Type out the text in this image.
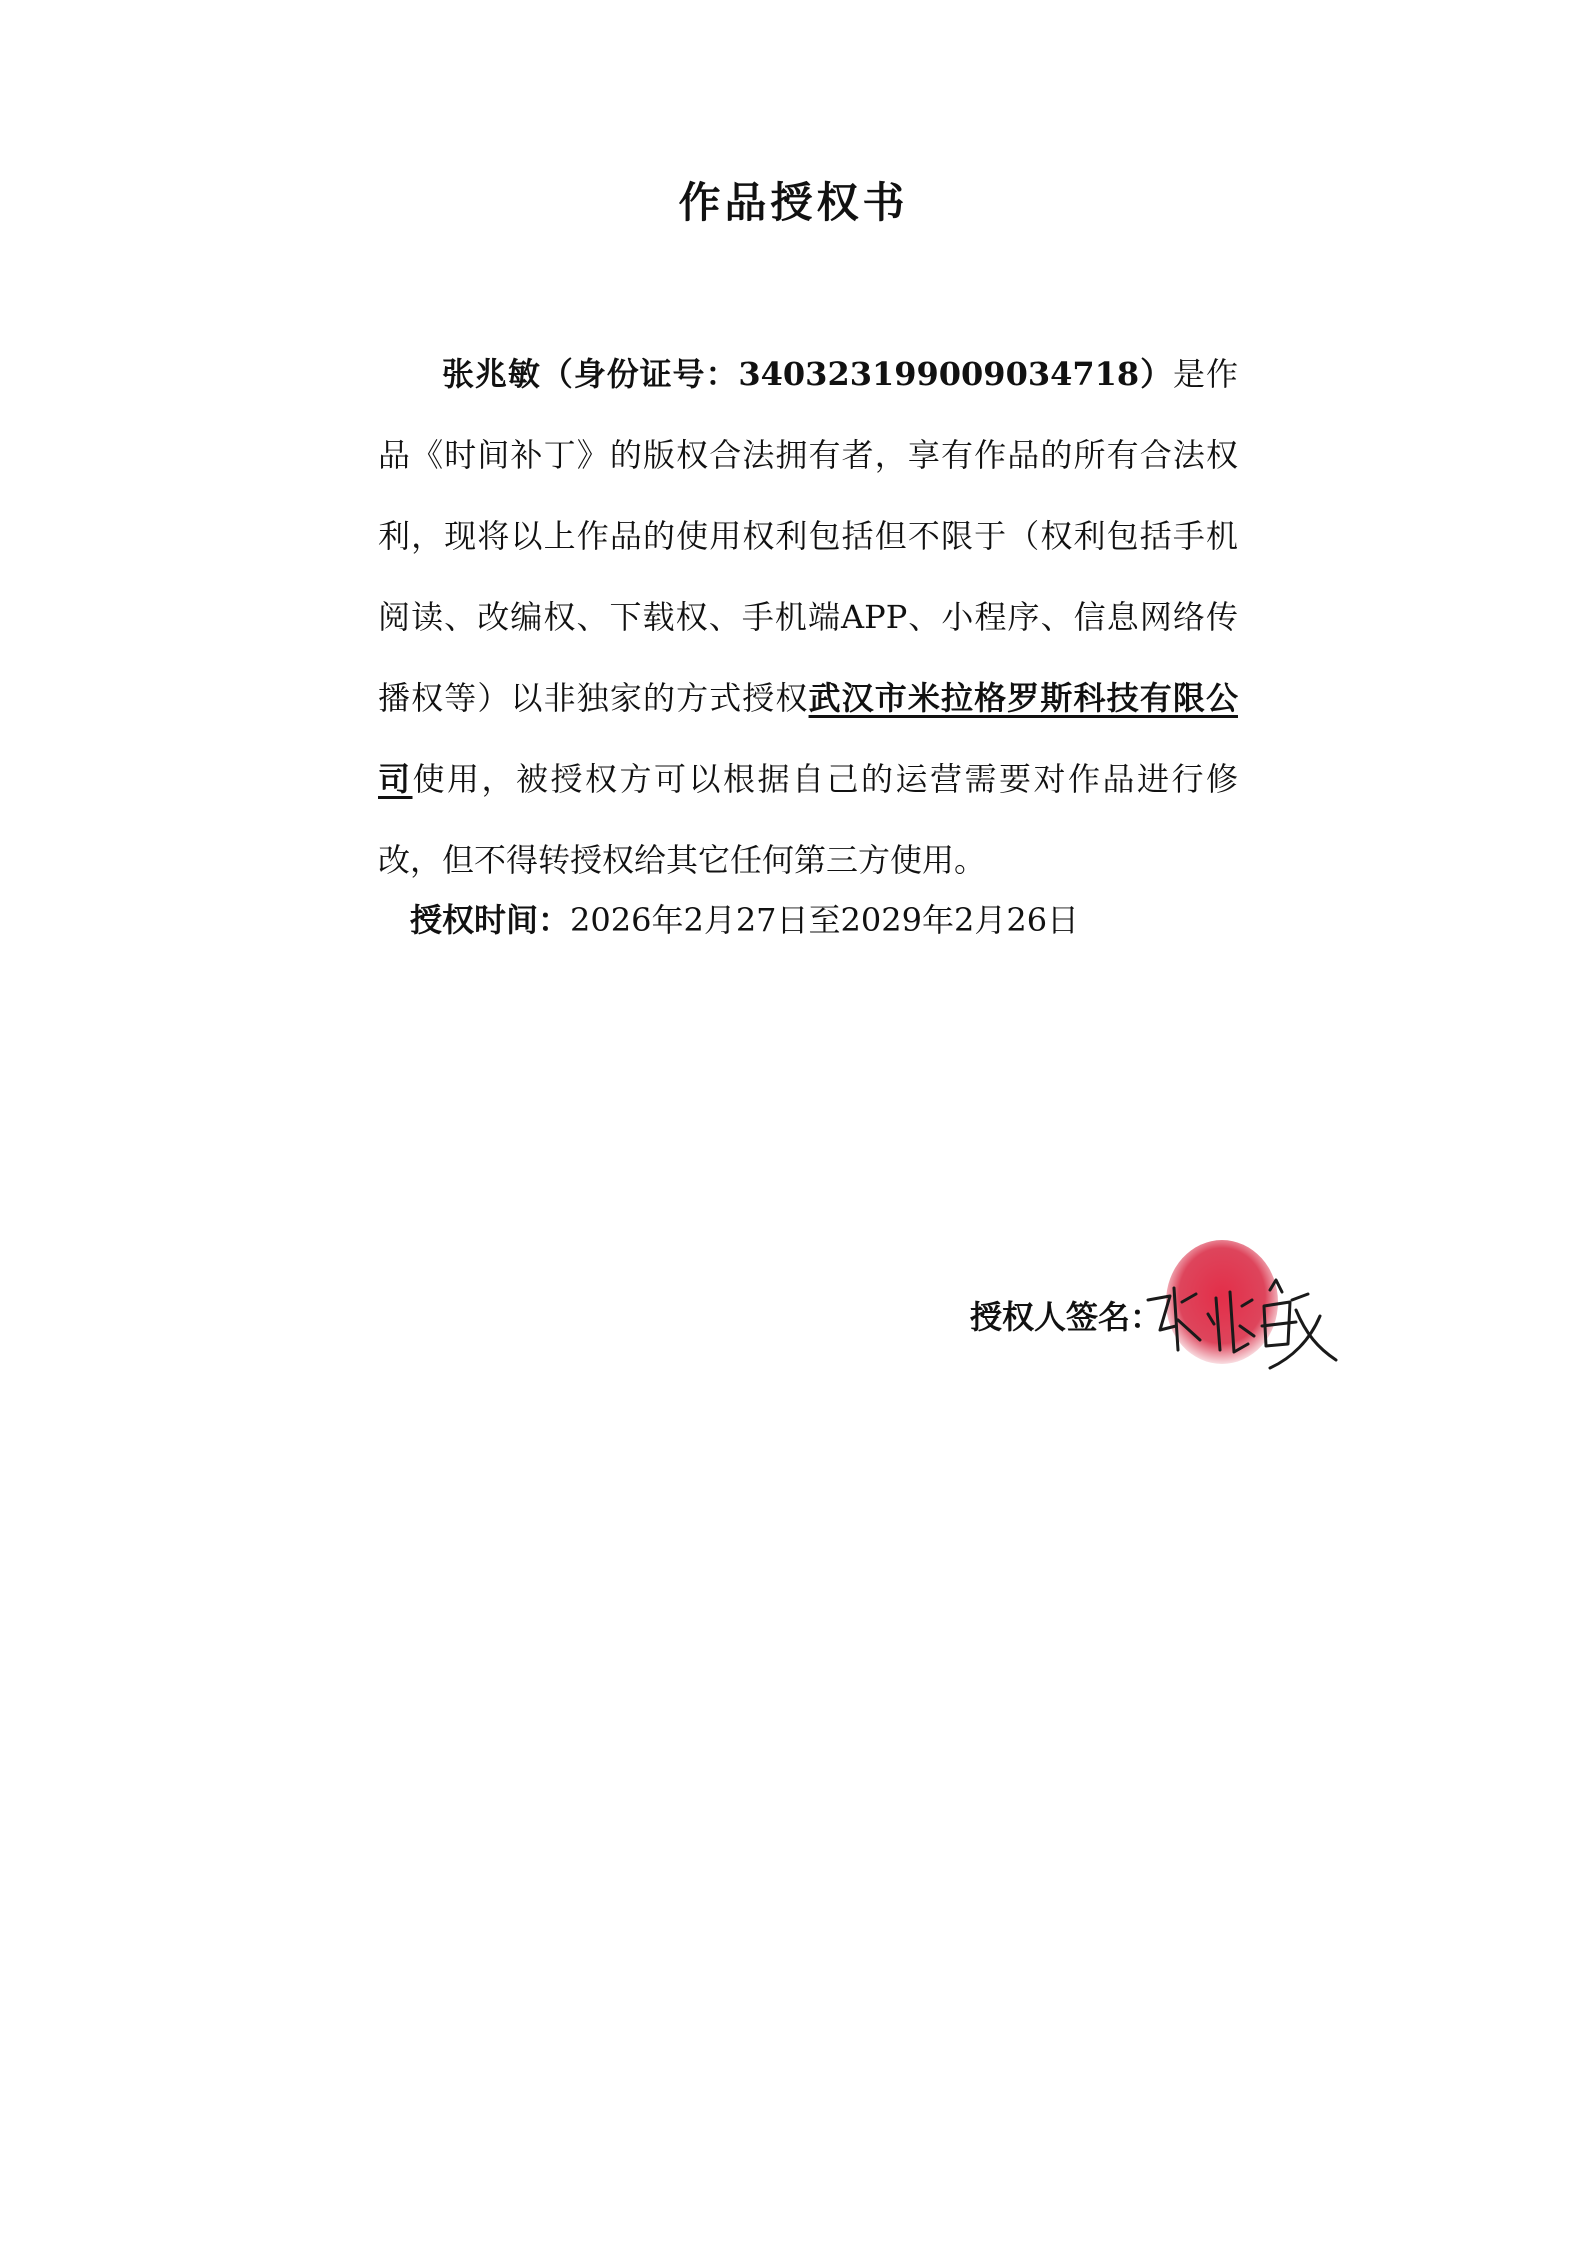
作品授权书
张兆敏（身份证号：340323199009034718）是作品《时间补丁》的版权合法拥有者，享有作品的所有合法权利，现将以上作品的使用权利包括但不限于（权利包括手机阅读、改编权、下载权、手机端APP、小程序、信息网络传播权等）以非独家的方式授权武汉市米拉格罗斯科技有限公司使用，被授权方可以根据自己的运营需要对作品进行修改，但不得转授权给其它任何第三方使用。
授权时间：2026年2月27日至2029年2月26日
授权人签名：
